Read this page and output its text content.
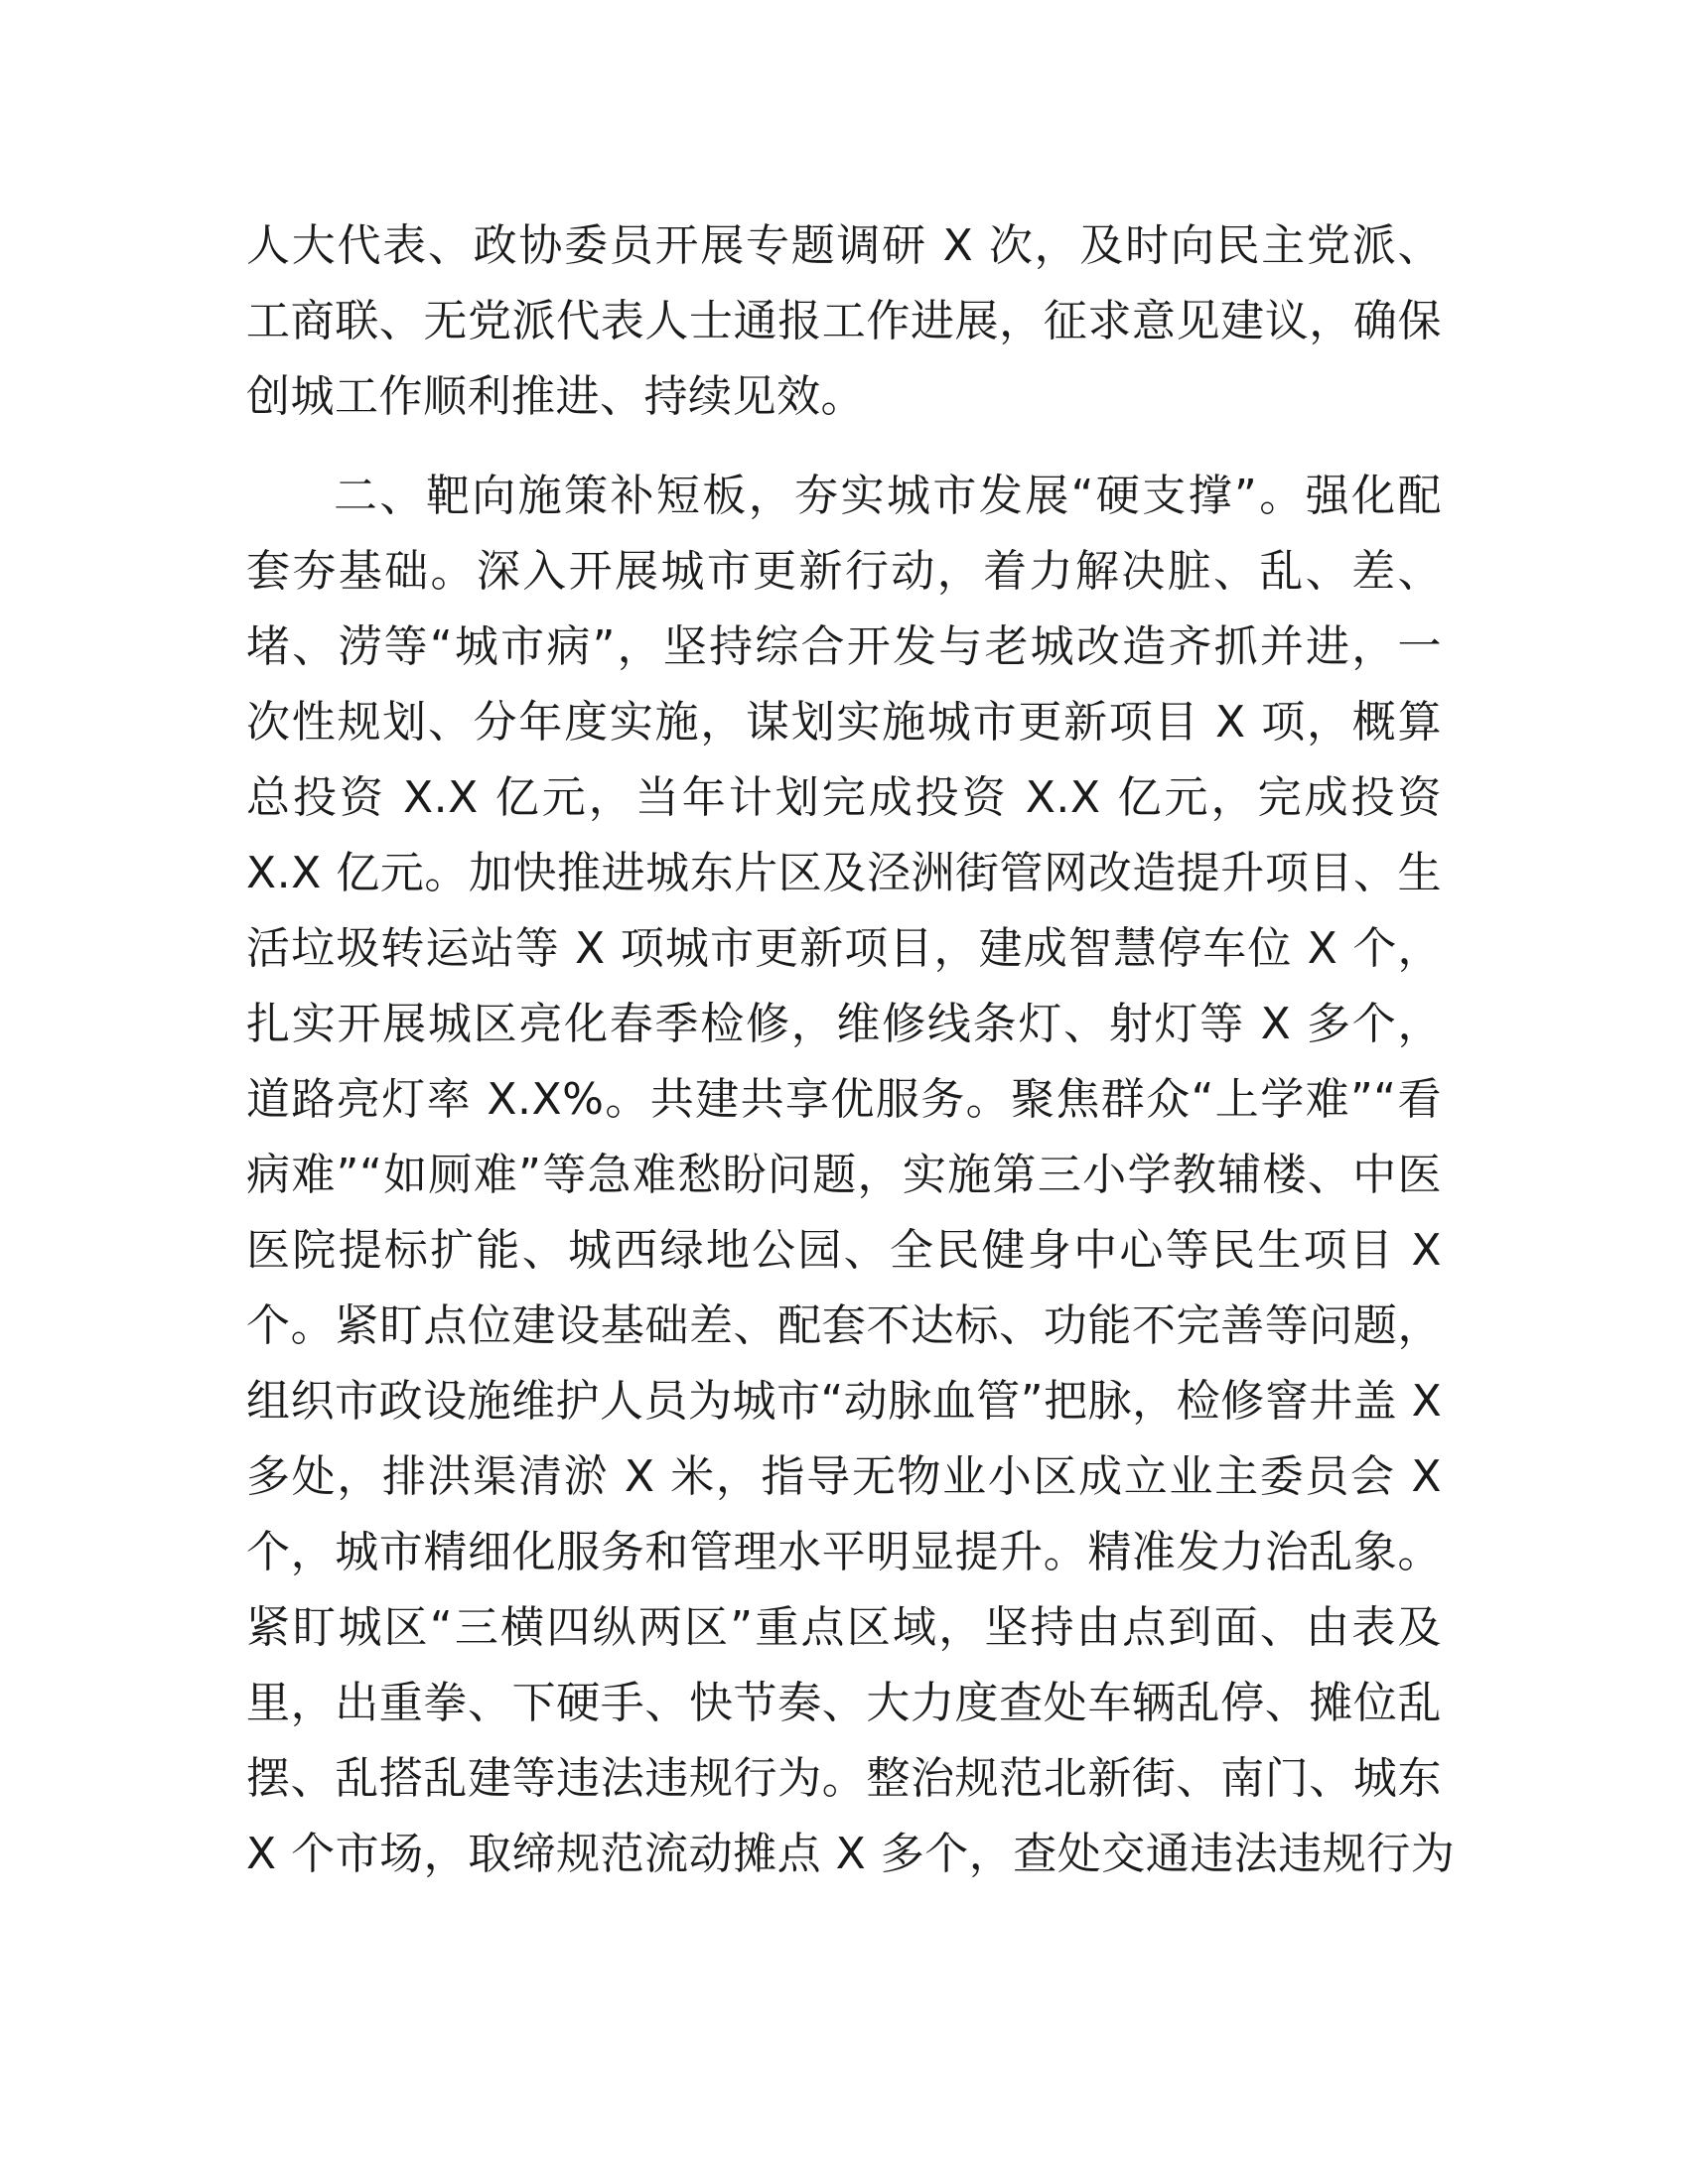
人大代表、政协委员开展专题调研 X 次，及时向民主党派、
工商联、无党派代表人士通报工作进展，征求意见建议，确保
创城工作顺利推进、持续见效。
二、靶向施策补短板，夯实城市发展“硬支撑”。强化配
套夯基础。深入开展城市更新行动，着力解决脏、乱、差、
堵、涝等“城市病”，坚持综合开发与老城改造齐抓并进，一
次性规划、分年度实施，谋划实施城市更新项目 X 项，概算
总投资 X.X 亿元，当年计划完成投资 X.X 亿元，完成投资
X.X 亿元。加快推进城东片区及泾洲街管网改造提升项目、生
活垃圾转运站等 X 项城市更新项目，建成智慧停车位 X 个，
扎实开展城区亮化春季检修，维修线条灯、射灯等 X 多个，
道路亮灯率 X.X%。共建共享优服务。聚焦群众“上学难”“看
病难”“如厕难”等急难愁盼问题，实施第三小学教辅楼、中医
医院提标扩能、城西绿地公园、全民健身中心等民生项目 X
个。紧盯点位建设基础差、配套不达标、功能不完善等问题，
组织市政设施维护人员为城市“动脉血管”把脉，检修窨井盖 X
多处，排洪渠清淤 X 米，指导无物业小区成立业主委员会 X
个，城市精细化服务和管理水平明显提升。精准发力治乱象。
紧盯城区“三横四纵两区”重点区域，坚持由点到面、由表及
里，出重拳、下硬手、快节奏、大力度查处车辆乱停、摊位乱
摆、乱搭乱建等违法违规行为。整治规范北新街、南门、城东
X 个市场，取缔规范流动摊点 X 多个，查处交通违法违规行为
